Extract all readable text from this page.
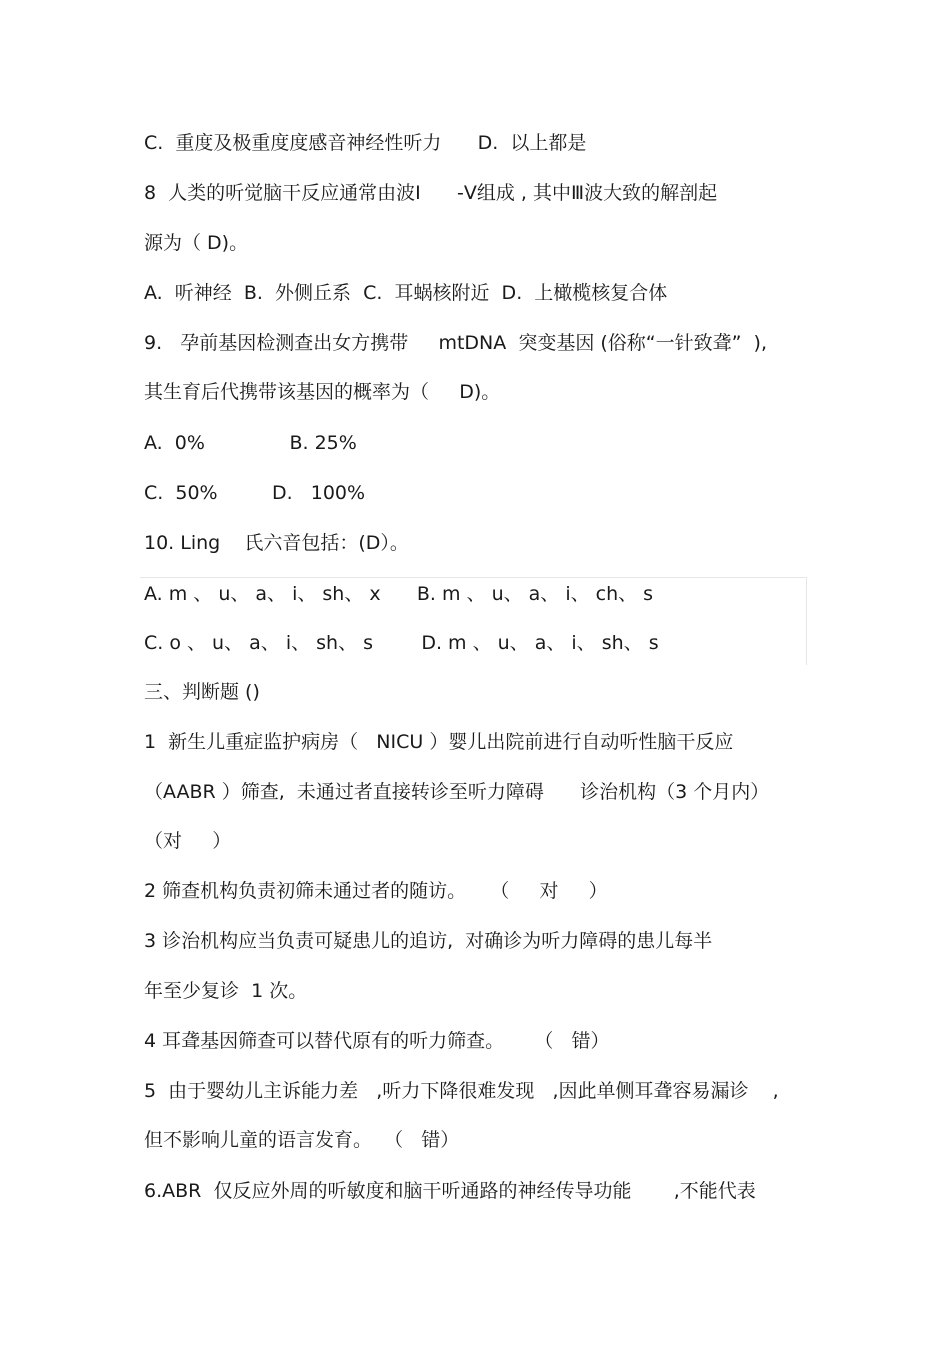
C.  重度及极重度度感音神经性听力      D.  以上都是
8  人类的听觉脑干反应通常由波Ⅰ      -Ⅴ组成 , 其中Ⅲ波大致的解剖起
源为（ D)。
A.  听神经  B.  外侧丘系  C.  耳蜗核附近  D.  上橄榄核复合体
9.   孕前基因检测查出女方携带     mtDNA  突变基因 (俗称“一针致聋”  ),
其生育后代携带该基因的概率为（     D)。
A.  0%              B. 25%
C.  50%         D.   100%
10. Ling    氏六音包括：(D）。
A. m 、 u、 a、 i、 sh、 x      B. m 、 u、 a、 i、 ch、 s
C. o 、 u、 a、 i、 sh、 s        D. m 、 u、 a、 i、 sh、 s
三、判断题 ()
1  新生儿重症监护病房（   NICU ）婴儿出院前进行自动听性脑干反应
（AABR ）筛查,  未通过者直接转诊至听力障碍      诊治机构（3 个月内）
（对     ）
2 筛查机构负责初筛未通过者的随访。    （     对     ）
3 诊治机构应当负责可疑患儿的追访,  对确诊为听力障碍的患儿每半
年至少复诊  1 次。
4 耳聋基因筛查可以替代原有的听力筛查。     （   错）
5  由于婴幼儿主诉能力差   ,听力下降很难发现   ,因此单侧耳聋容易漏诊    ,
但不影响儿童的语言发育。  （   错）
6.ABR  仅反应外周的听敏度和脑干听通路的神经传导功能       ,不能代表
